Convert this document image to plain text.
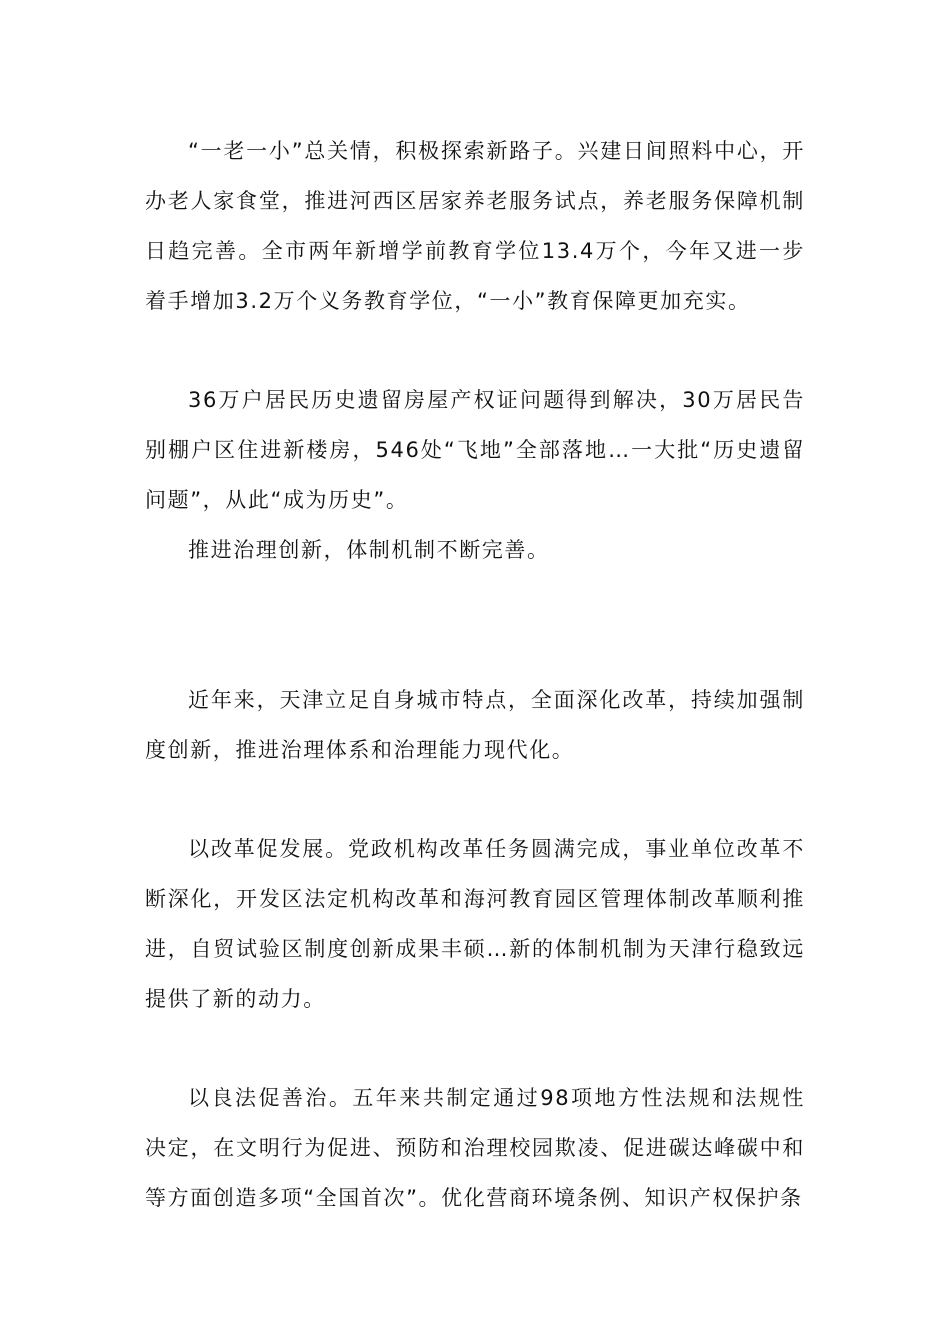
“一老一小”总关情，积极探索新路子。兴建日间照料中心，开办老人家食堂，推进河西区居家养老服务试点，养老服务保障机制日趋完善。全市两年新增学前教育学位13.4万个，今年又进一步着手增加3.2万个义务教育学位，“一小”教育保障更加充实。

36万户居民历史遗留房屋产权证问题得到解决，30万居民告别棚户区住进新楼房，546处“飞地”全部落地…一大批“历史遗留问题”，从此“成为历史”。

推进治理创新，体制机制不断完善。

近年来，天津立足自身城市特点，全面深化改革，持续加强制度创新，推进治理体系和治理能力现代化。

以改革促发展。党政机构改革任务圆满完成，事业单位改革不断深化，开发区法定机构改革和海河教育园区管理体制改革顺利推进，自贸试验区制度创新成果丰硕…新的体制机制为天津行稳致远提供了新的动力。

以良法促善治。五年来共制定通过98项地方性法规和法规性决定，在文明行为促进、预防和治理校园欺凌、促进碳达峰碳中和等方面创造多项“全国首次”。优化营商环境条例、知识产权保护条
